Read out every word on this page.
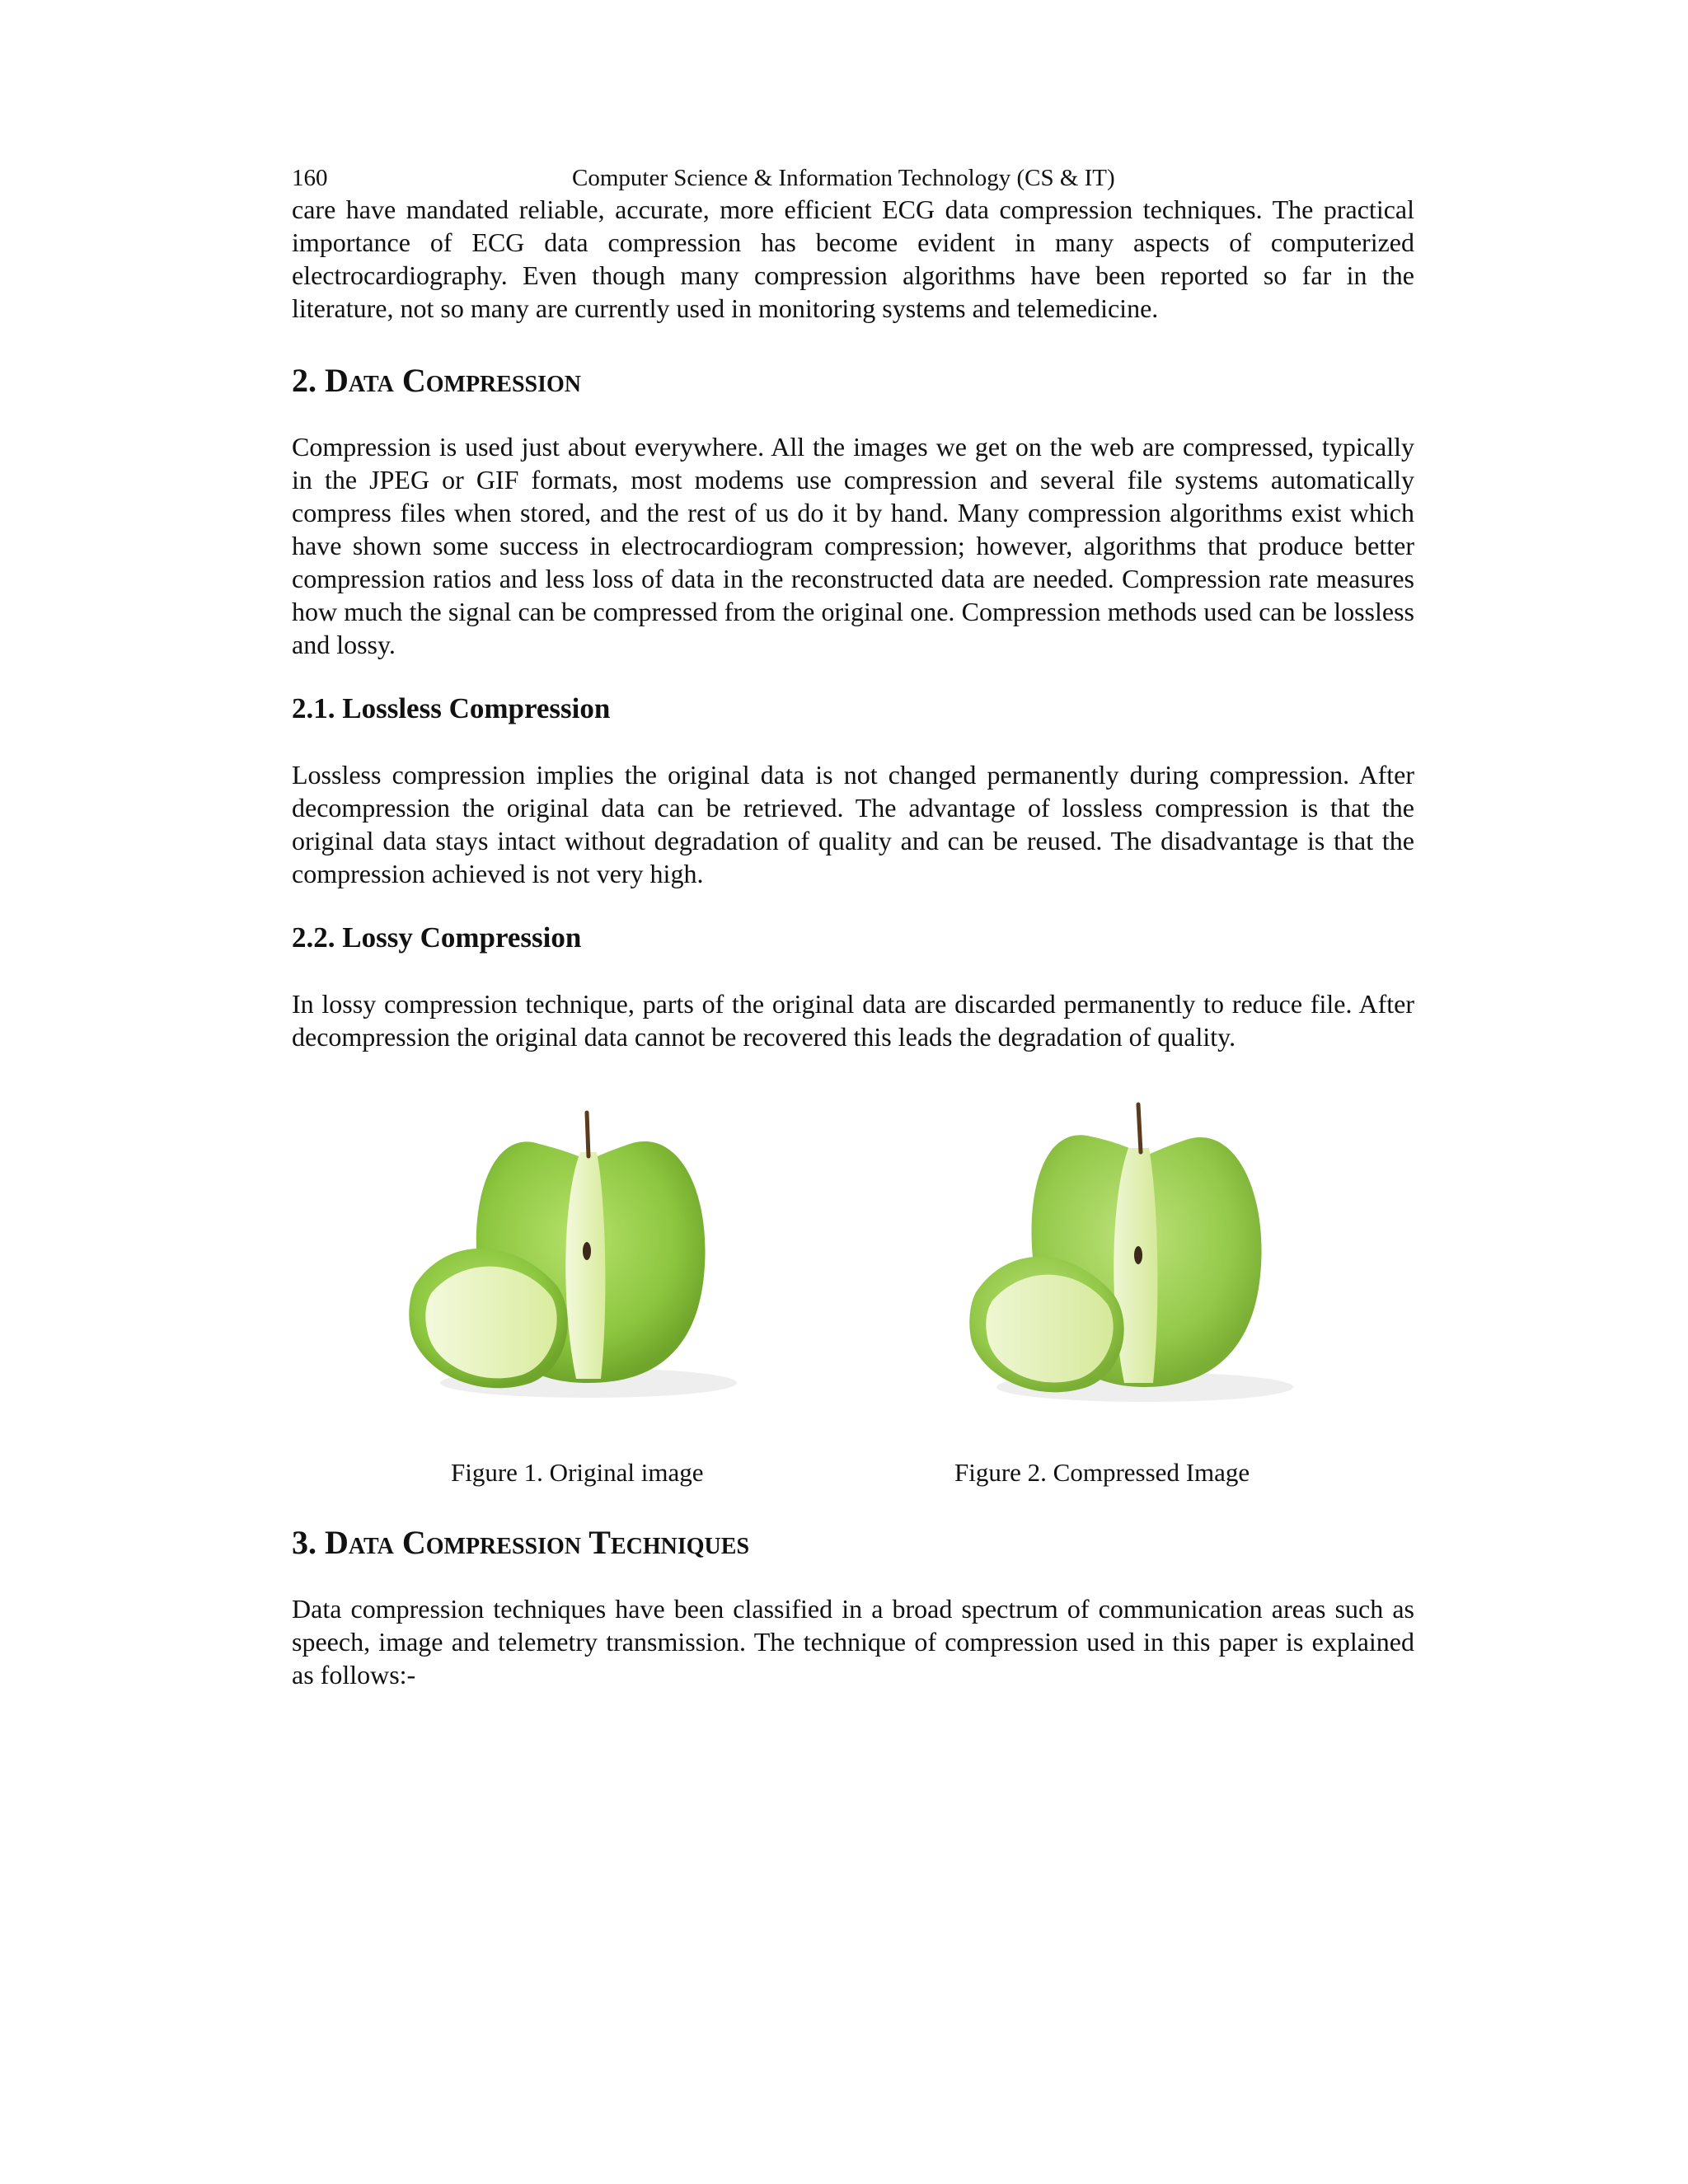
160	Computer Science & Information Technology (CS & IT)

care have mandated reliable, accurate, more efficient ECG data compression techniques. The practical importance of ECG data compression has become evident in many aspects of computerized electrocardiography. Even though many compression algorithms have been reported so far in the literature, not so many are currently used in monitoring systems and telemedicine.

2. Data Compression

Compression is used just about everywhere. All the images we get on the web are compressed, typically in the JPEG or GIF formats, most modems use compression and several file systems automatically compress files when stored, and the rest of us do it by hand. Many compression algorithms exist which have shown some success in electrocardiogram compression; however, algorithms that produce better compression ratios and less loss of data in the reconstructed data are needed. Compression rate measures how much the signal can be compressed from the original one. Compression methods used can be lossless and lossy.

2.1. Lossless Compression

Lossless compression implies the original data is not changed permanently during compression. After decompression the original data can be retrieved. The advantage of lossless compression is that the original data stays intact without degradation of quality and can be reused. The disadvantage is that the compression achieved is not very high.

2.2. Lossy Compression

In lossy compression technique, parts of the original data are discarded permanently to reduce file. After decompression the original data cannot be recovered this leads the degradation of quality.

Figure 1. Original image	Figure 2. Compressed Image
3. Data Compression Techniques

Data compression techniques have been classified in a broad spectrum of communication areas such as speech, image and telemetry transmission. The technique of compression used in this paper is explained as follows:-
